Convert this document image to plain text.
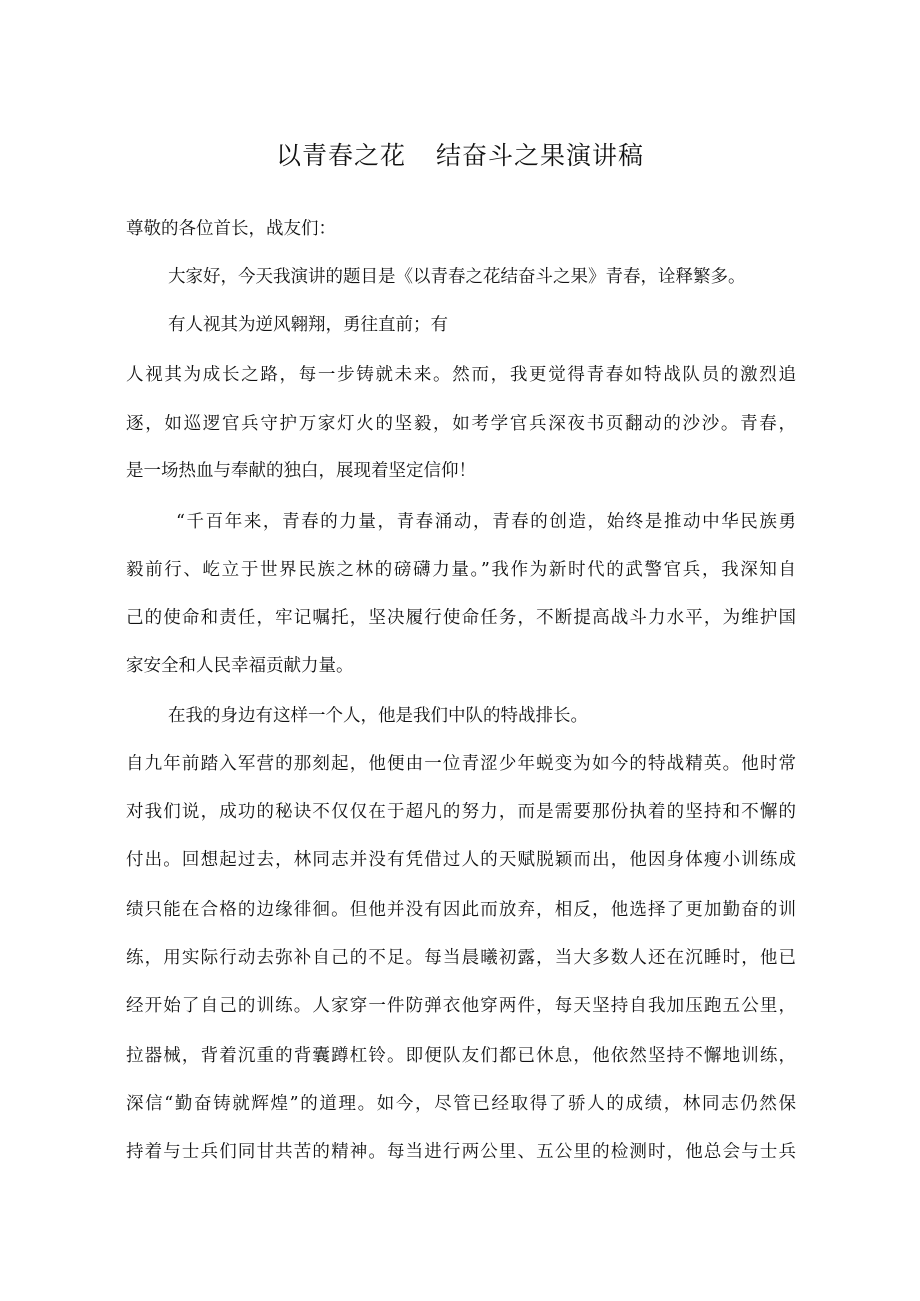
以青春之花 结奋斗之果演讲稿

尊敬的各位首长，战友们：

大家好，今天我演讲的题目是《以青春之花结奋斗之果》青春，诠释繁多。

有人视其为逆风翱翔，勇往直前；有

人视其为成长之路，每一步铸就未来。然而，我更觉得青春如特战队员的激烈追

逐，如巡逻官兵守护万家灯火的坚毅，如考学官兵深夜书页翻动的沙沙。青春，

是一场热血与奉献的独白，展现着坚定信仰！

“千百年来，青春的力量，青春涌动，青春的创造，始终是推动中华民族勇

毅前行、屹立于世界民族之林的磅礴力量。”我作为新时代的武警官兵，我深知自

己的使命和责任，牢记嘱托，坚决履行使命任务，不断提高战斗力水平，为维护国

家安全和人民幸福贡献力量。

在我的身边有这样一个人，他是我们中队的特战排长。

自九年前踏入军营的那刻起，他便由一位青涩少年蜕变为如今的特战精英。他时常

对我们说，成功的秘诀不仅仅在于超凡的努力，而是需要那份执着的坚持和不懈的

付出。回想起过去，林同志并没有凭借过人的天赋脱颖而出，他因身体瘦小训练成

绩只能在合格的边缘徘徊。但他并没有因此而放弃，相反，他选择了更加勤奋的训

练，用实际行动去弥补自己的不足。每当晨曦初露，当大多数人还在沉睡时，他已

经开始了自己的训练。人家穿一件防弹衣他穿两件，每天坚持自我加压跑五公里，

拉器械，背着沉重的背囊蹲杠铃。即便队友们都已休息，他依然坚持不懈地训练，

深信“勤奋铸就辉煌”的道理。如今，尽管已经取得了骄人的成绩，林同志仍然保

持着与士兵们同甘共苦的精神。每当进行两公里、五公里的检测时，他总会与士兵
